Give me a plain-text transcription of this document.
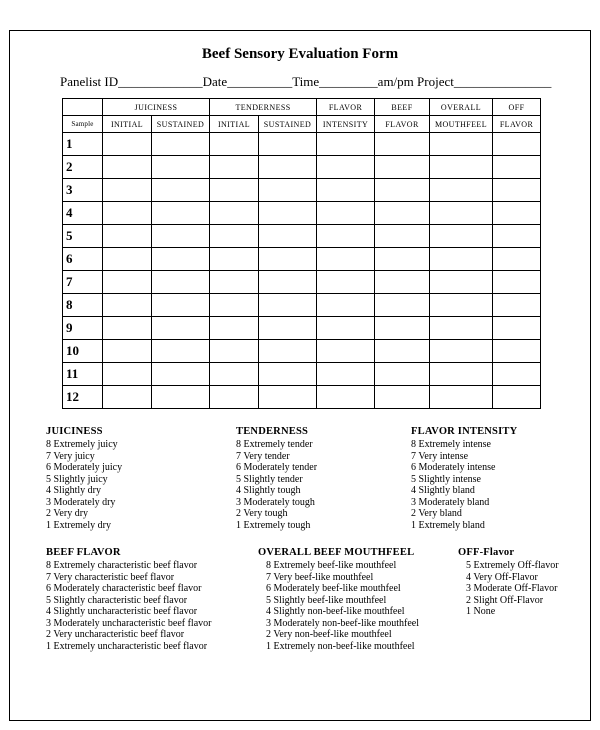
Beef Sensory Evaluation Form
Panelist ID_____________Date__________Time_________am/pm Project_______________
	JUICINESS		TENDERNESS		FLAVOR	BEEF	OVERALL	OFF
Sample	INITIAL	SUSTAINED	INITIAL	SUSTAINED	INTENSITY	FLAVOR	MOUTHFEEL	FLAVOR
1								
2								
3								
4								
5								
6								
7								
8								
9								
10								
11								
12								
JUICINESS
8 Extremely juicy
7 Very juicy
6 Moderately juicy
5 Slightly juicy
4 Slightly dry
3 Moderately dry
2 Very dry
1 Extremely dry
TENDERNESS
8 Extremely tender
7 Very tender
6 Moderately tender
5 Slightly tender
4 Slightly tough
3 Moderately tough
2 Very tough
1 Extremely tough
FLAVOR INTENSITY
8 Extremely intense
7 Very intense
6 Moderately intense
5 Slightly intense
4 Slightly bland
3 Moderately bland
2 Very bland
1 Extremely bland
BEEF FLAVOR
8 Extremely characteristic beef flavor
7 Very characteristic beef flavor
6 Moderately characteristic beef flavor
5 Slightly characteristic beef flavor
4 Slightly uncharacteristic beef flavor
3 Moderately uncharacteristic beef flavor
2 Very uncharacteristic beef flavor
1 Extremely uncharacteristic beef flavor
OVERALL BEEF MOUTHFEEL
8 Extremely beef-like mouthfeel
7 Very beef-like mouthfeel
6 Moderately beef-like mouthfeel
5 Slightly beef-like mouthfeel
4 Slightly non-beef-like mouthfeel
3 Moderately non-beef-like mouthfeel
2 Very non-beef-like mouthfeel
1 Extremely non-beef-like mouthfeel
OFF-Flavor
5 Extremely Off-flavor
4 Very Off-Flavor
3 Moderate Off-Flavor
2 Slight Off-Flavor
1 None
